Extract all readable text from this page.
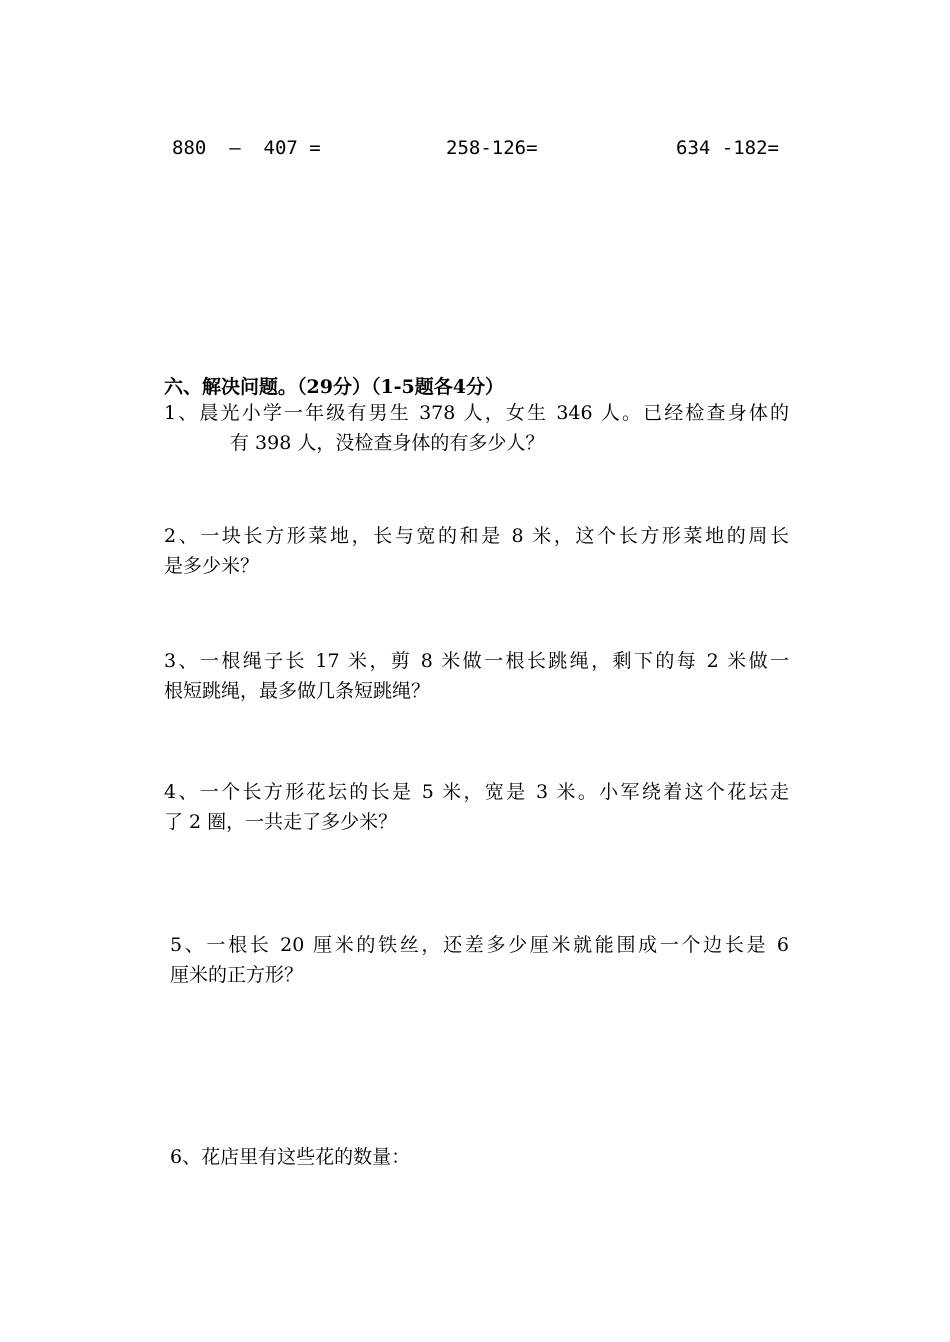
880  –  407 =	258-126=	634 -182=
六、解决问题。（29分）（1-5题各4分）
1、晨光小学一年级有男生 378 人，女生 346 人。已经检查身体的
有 398 人，没检查身体的有多少人？
2、一块长方形菜地，长与宽的和是 8 米，这个长方形菜地的周长
是多少米？
3、一根绳子长 17 米，剪 8 米做一根长跳绳，剩下的每 2 米做一
根短跳绳，最多做几条短跳绳？
4、一个长方形花坛的长是 5 米，宽是 3 米。小军绕着这个花坛走
了 2 圈，一共走了多少米？
5、一根长 20 厘米的铁丝，还差多少厘米就能围成一个边长是 6
厘米的正方形？
6、花店里有这些花的数量：
